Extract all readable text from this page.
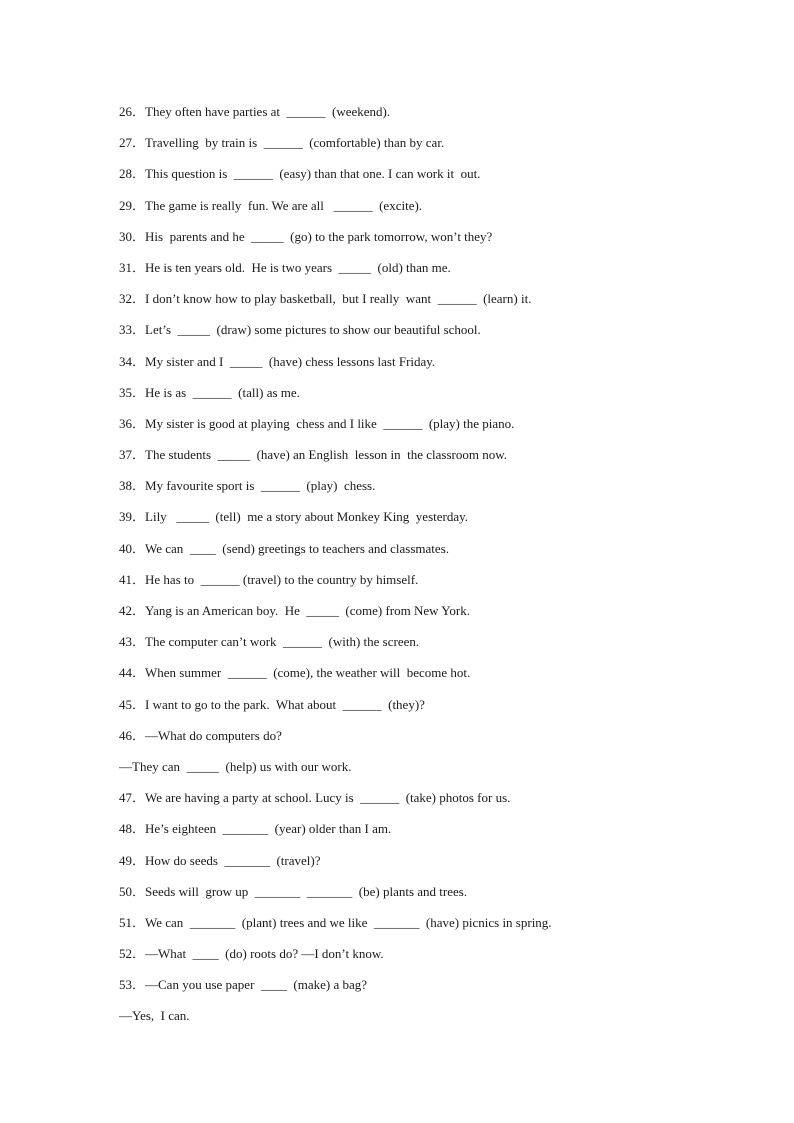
26．They often have parties at  ______  (weekend).
27．Travelling  by train is  ______  (comfortable) than by car.
28．This question is  ______  (easy) than that one. I can work it  out.
29．The game is really  fun. We are all   ______  (excite).
30．His  parents and he  _____  (go) to the park tomorrow, won’t they?
31．He is ten years old.  He is two years  _____  (old) than me.
32．I don’t know how to play basketball,  but I really  want  ______  (learn) it.
33．Let’s  _____  (draw) some pictures to show our beautiful school.
34．My sister and I  _____  (have) chess lessons last Friday.
35．He is as  ______  (tall) as me.
36．My sister is good at playing  chess and I like  ______  (play) the piano.
37．The students  _____  (have) an English  lesson in  the classroom now.
38．My favourite sport is  ______  (play)  chess.
39．Lily   _____  (tell)  me a story about Monkey King  yesterday.
40．We can  ____  (send) greetings to teachers and classmates.
41．He has to  ______ (travel) to the country by himself.
42．Yang is an American boy.  He  _____  (come) from New York.
43．The computer can’t work  ______  (with) the screen.
44．When summer  ______  (come), the weather will  become hot.
45．I want to go to the park.  What about  ______  (they)?
46．—What do computers do?
—They can  _____  (help) us with our work.
47．We are having a party at school. Lucy is  ______  (take) photos for us.
48．He’s eighteen  _______  (year) older than I am.
49．How do seeds  _______  (travel)?
50．Seeds will  grow up  _______  _______  (be) plants and trees.
51．We can  _______  (plant) trees and we like  _______  (have) picnics in spring.
52．—What  ____  (do) roots do? —I don’t know.
53．—Can you use paper  ____  (make) a bag?
—Yes,  I can.
